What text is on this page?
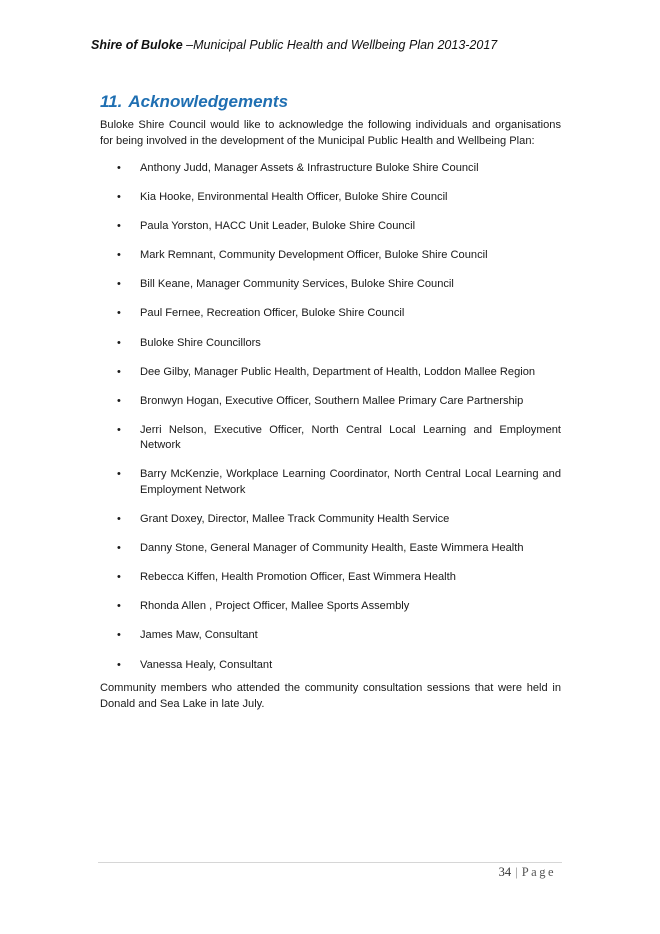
Shire of Buloke –Municipal Public Health and Wellbeing Plan 2013-2017
11. Acknowledgements

Buloke Shire Council would like to acknowledge the following individuals and organisations for being involved in the development of the Municipal Public Health and Wellbeing Plan:

• Anthony Judd, Manager Assets & Infrastructure Buloke Shire Council
• Kia Hooke, Environmental Health Officer, Buloke Shire Council
• Paula Yorston, HACC Unit Leader, Buloke Shire Council
• Mark Remnant, Community Development Officer, Buloke Shire Council
• Bill Keane, Manager Community Services, Buloke Shire Council
• Paul Fernee, Recreation Officer, Buloke Shire Council
• Buloke Shire Councillors
• Dee Gilby, Manager Public Health, Department of Health, Loddon Mallee Region
• Bronwyn Hogan, Executive Officer, Southern Mallee Primary Care Partnership
• Jerri Nelson, Executive Officer, North Central Local Learning and Employment Network
• Barry McKenzie, Workplace Learning Coordinator, North Central Local Learning and Employment Network
• Grant Doxey, Director, Mallee Track Community Health Service
• Danny Stone, General Manager of Community Health, Easte Wimmera Health
• Rebecca Kiffen, Health Promotion Officer, East Wimmera Health
• Rhonda Allen , Project Officer, Mallee Sports Assembly
• James Maw, Consultant
• Vanessa Healy, Consultant

Community members who attended the community consultation sessions that were held in Donald and Sea Lake in late July.

34 | Page
